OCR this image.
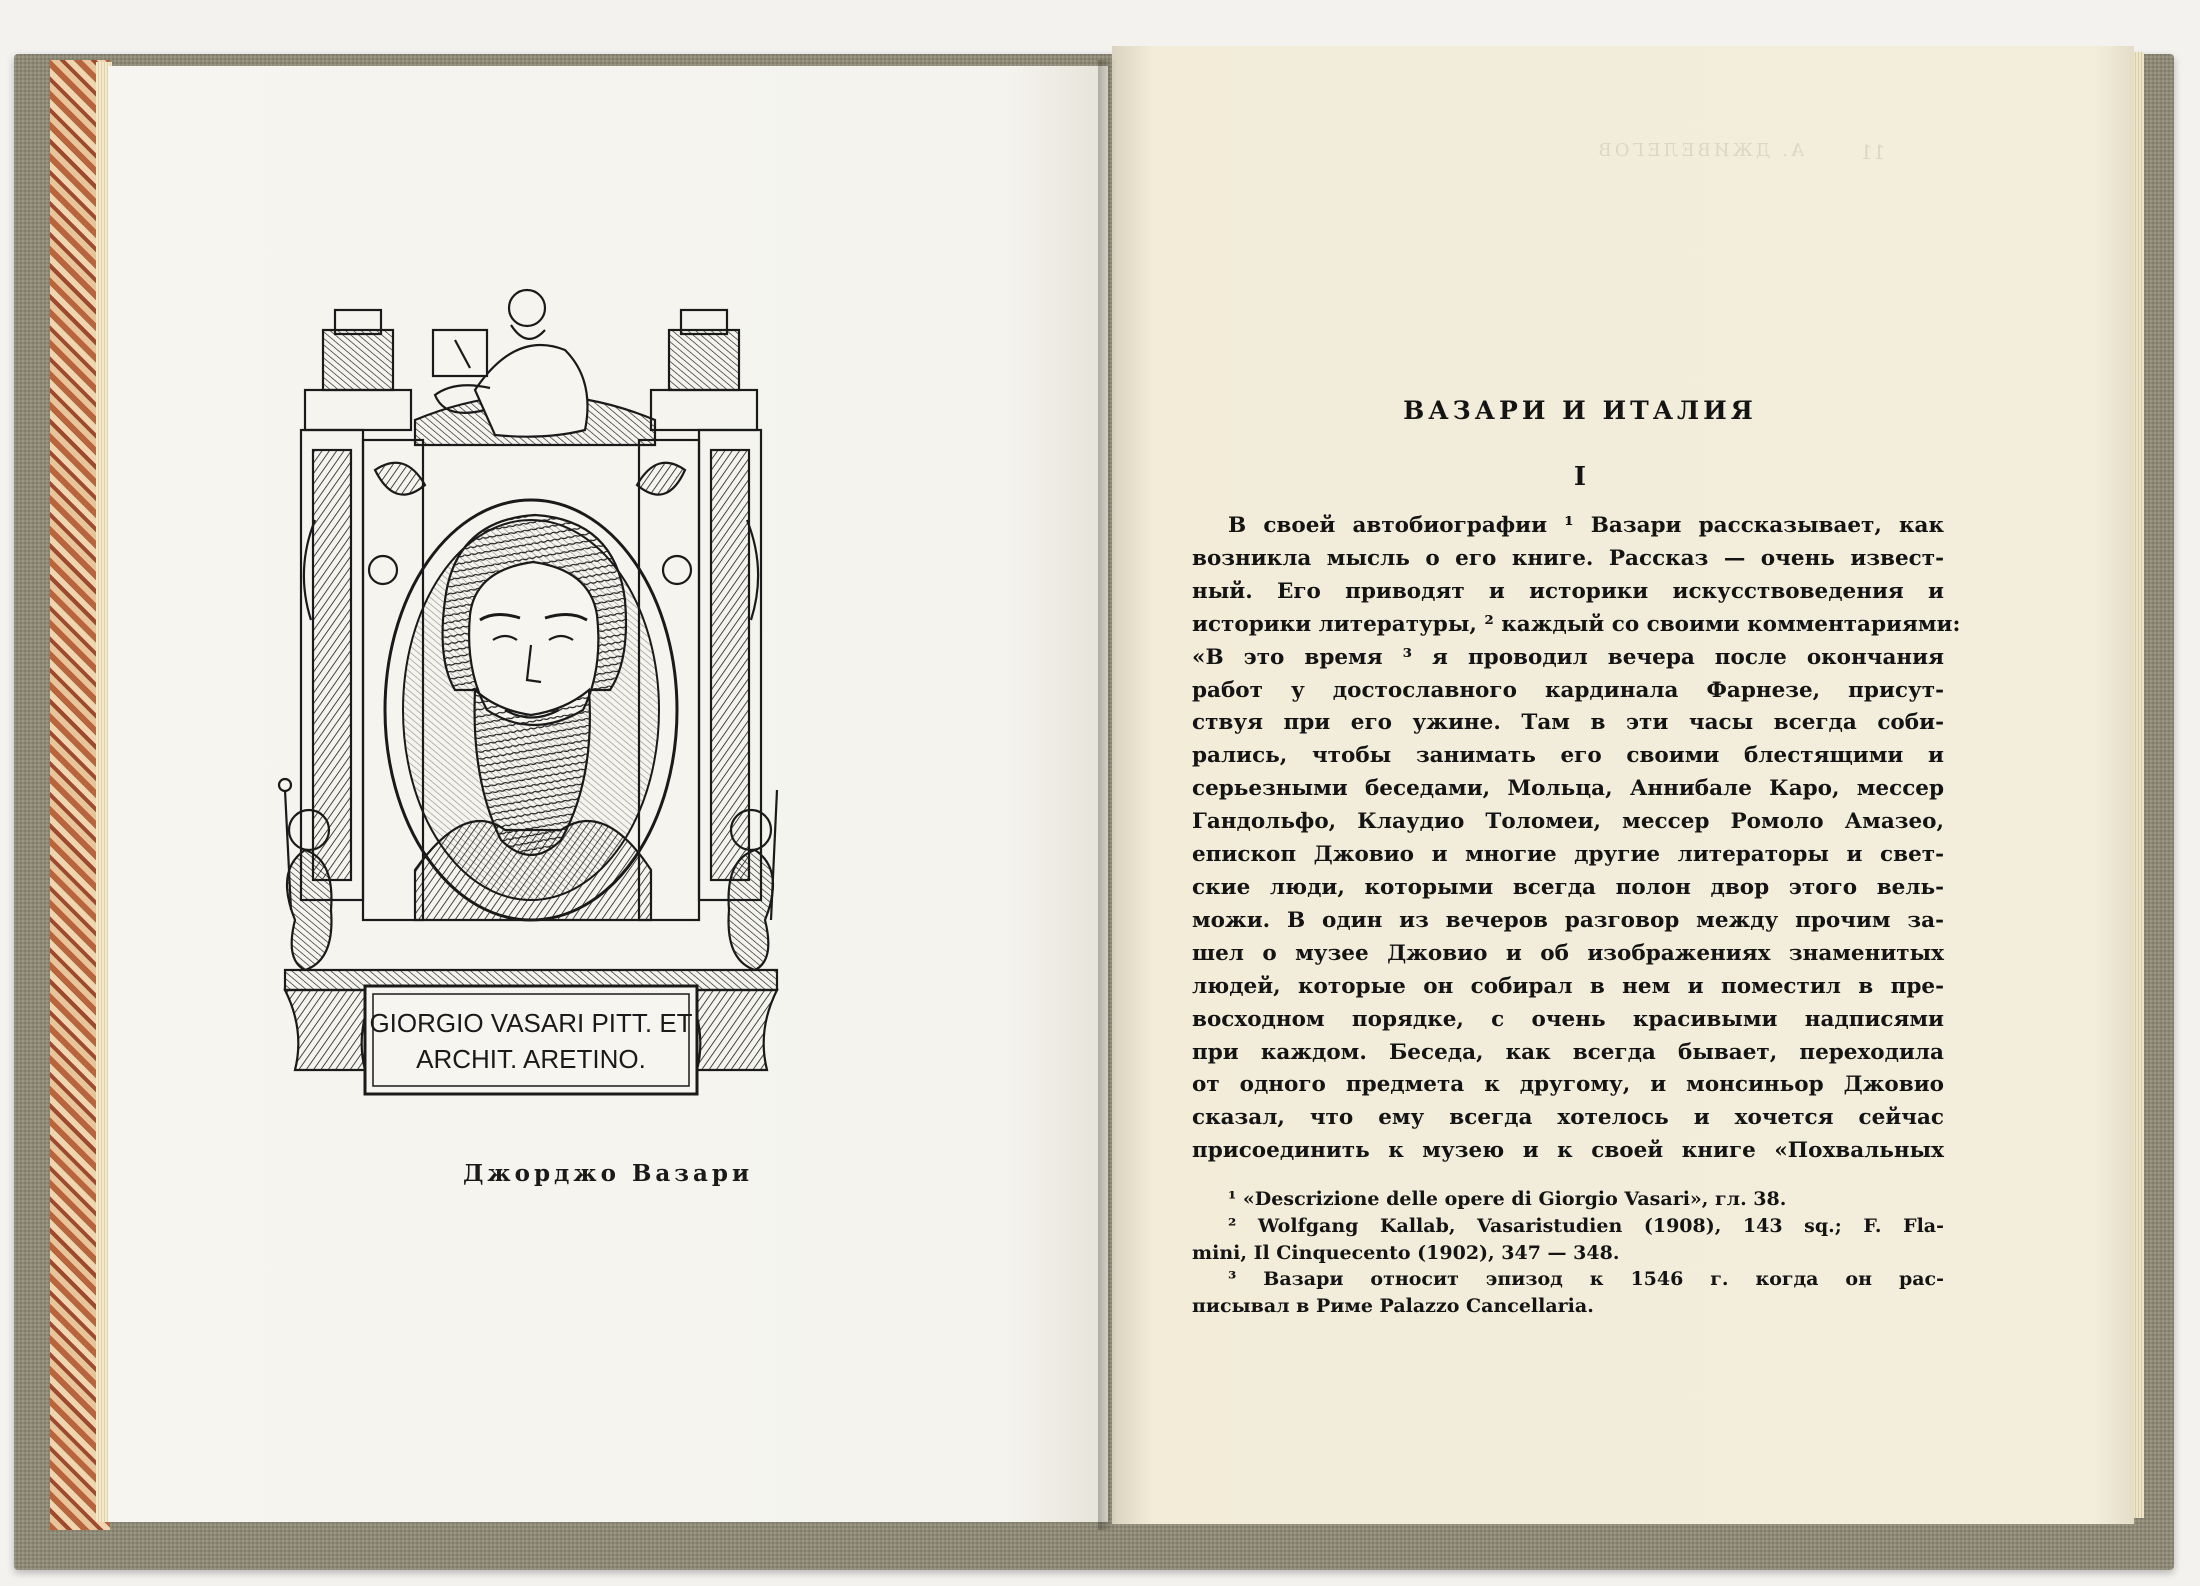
GIORGIO VASARI PITT. ET
ARCHIT. ARETINO.
Джорджо Вазари
А. ДЖИВЕЛЕГОВ	11
ВАЗАРИ И ИТАЛИЯ
I
В своей автобиографии ¹ Вазари рассказывает, как
возникла мысль о его книге. Рассказ — очень извест-
ный. Его приводят и историки искусствоведения и
историки литературы, ² каждый со своими комментариями:
«В это время ³ я проводил вечера после окончания
работ у достославного кардинала Фарнезе, присут-
ствуя при его ужине. Там в эти часы всегда соби-
рались, чтобы занимать его своими блестящими и
серьезными беседами, Мольца, Аннибале Каро, мессер
Гандольфо, Клаудио Толомеи, мессер Ромоло Амазео,
епископ Джовио и многие другие литераторы и свет-
ские люди, которыми всегда полон двор этого вель-
можи. В один из вечеров разговор между прочим за-
шел о музее Джовио и об изображениях знаменитых
людей, которые он собирал в нем и поместил в пре-
восходном порядке, с очень красивыми надписями
при каждом. Беседа, как всегда бывает, переходила
от одного предмета к другому, и монсиньор Джовио
сказал, что ему всегда хотелось и хочется сейчас
присоединить к музею и к своей книге «Похвальных
¹ «Descrizione delle opere di Giorgio Vasari», гл. 38.
² Wolfgang Kallab, Vasaristudien (1908), 143 sq.; F. Fla-
mini, Il Cinquecento (1902), 347 — 348.
³ Вазари относит эпизод к 1546 г. когда он рас-
писывал в Риме Palazzo Cancellaria.
